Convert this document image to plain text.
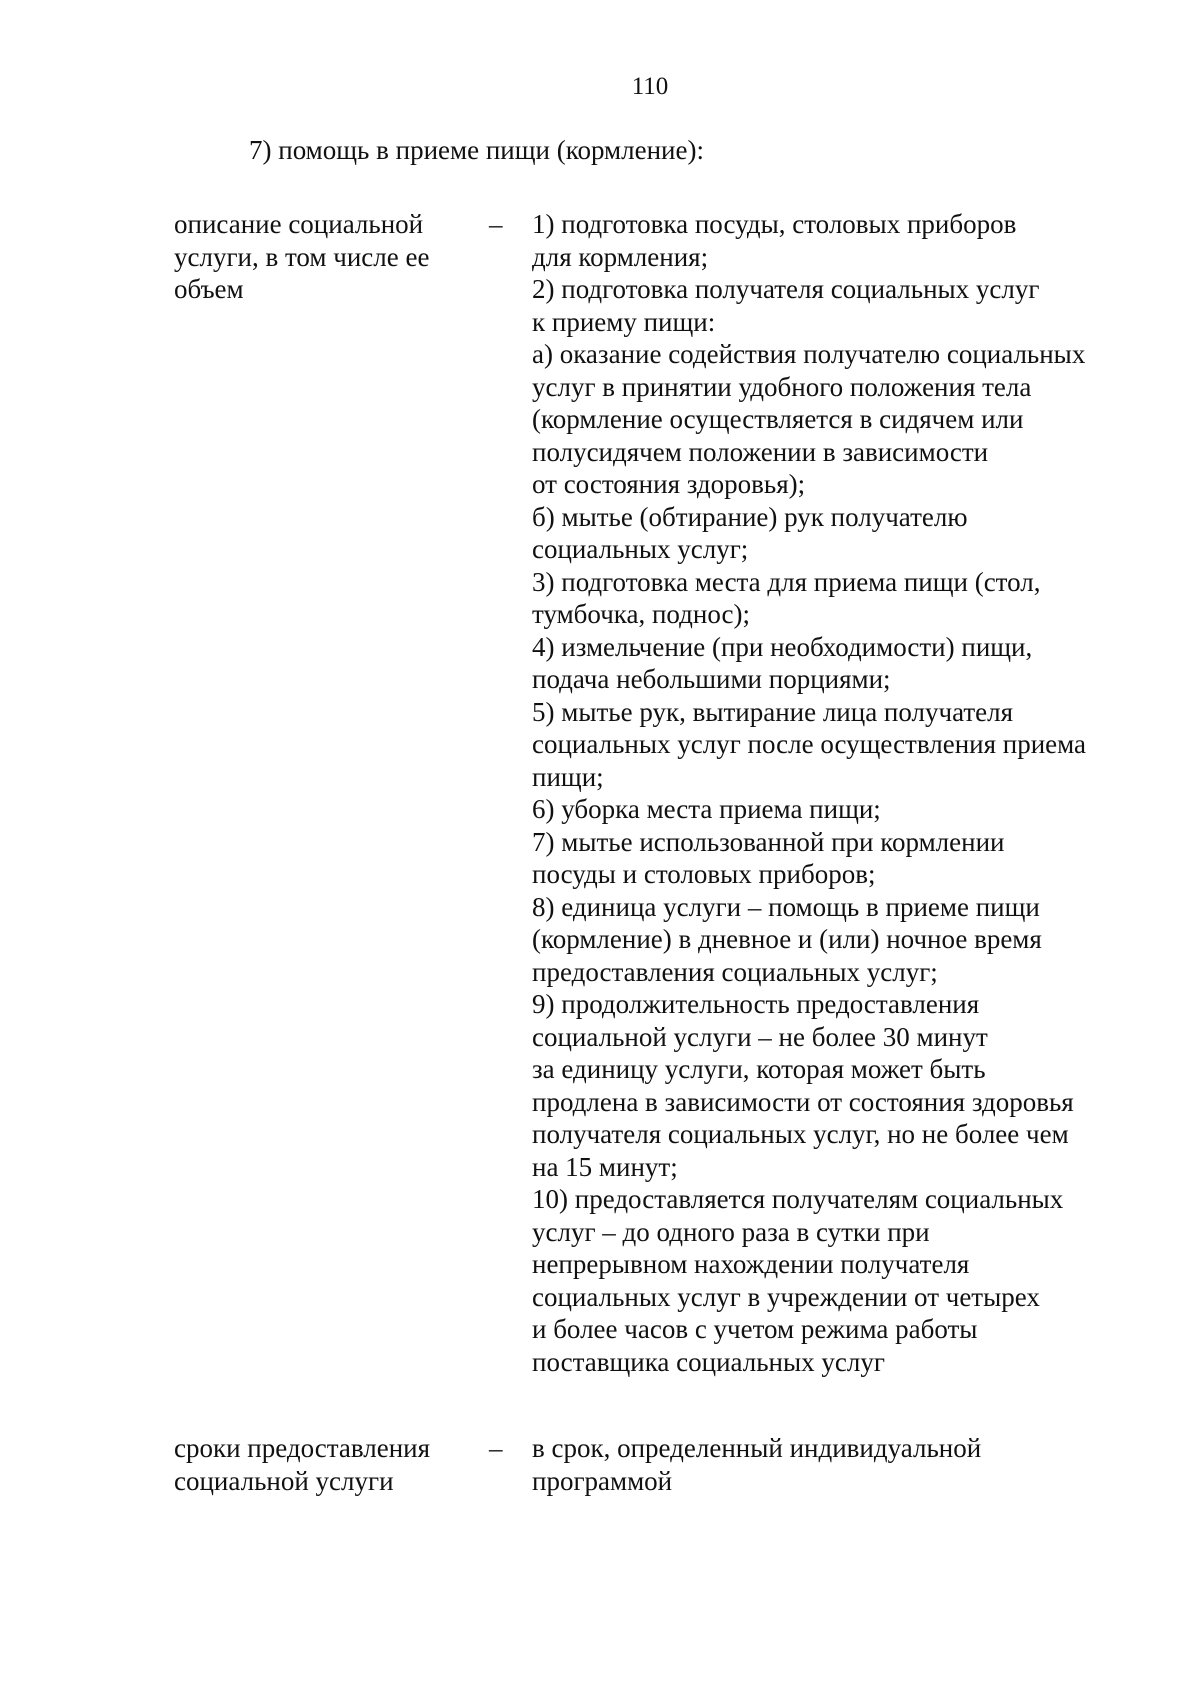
110
7) помощь в приеме пищи (кормление):
описание социальной
услуги, в том числе ее
объем
– 1) подготовка посуды, столовых приборов
для кормления;
2) подготовка получателя социальных услуг
к приему пищи:
а) оказание содействия получателю социальных
услуг в принятии удобного положения тела
(кормление осуществляется в сидячем или
полусидячем положении в зависимости
от состояния здоровья);
б) мытье (обтирание) рук получателю
социальных услуг;
3) подготовка места для приема пищи (стол,
тумбочка, поднос);
4) измельчение (при необходимости) пищи,
подача небольшими порциями;
5) мытье рук, вытирание лица получателя
социальных услуг после осуществления приема
пищи;
6) уборка места приема пищи;
7) мытье использованной при кормлении
посуды и столовых приборов;
8) единица услуги – помощь в приеме пищи
(кормление) в дневное и (или) ночное время
предоставления социальных услуг;
9) продолжительность предоставления
социальной услуги – не более 30 минут
за единицу услуги, которая может быть
продлена в зависимости от состояния здоровья
получателя социальных услуг, но не более чем
на 15 минут;
10) предоставляется получателям социальных
услуг – до одного раза в сутки при
непрерывном нахождении получателя
социальных услуг в учреждении от четырех
и более часов с учетом режима работы
поставщика социальных услуг
сроки предоставления
социальной услуги
– в срок, определенный индивидуальной
программой
